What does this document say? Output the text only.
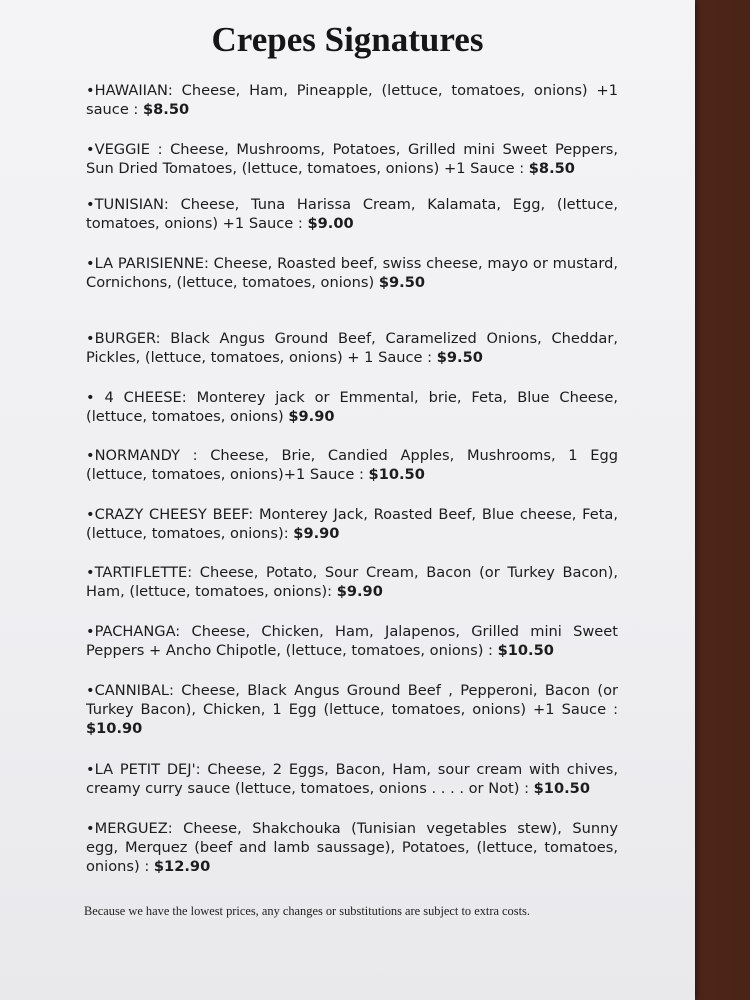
Crepes Signatures

•HAWAIIAN: Cheese, Ham, Pineapple, (lettuce, tomatoes, onions) +1 sauce : $8.50

•VEGGIE : Cheese, Mushrooms, Potatoes, Grilled mini Sweet Peppers, Sun Dried Tomatoes, (lettuce, tomatoes, onions) +1 Sauce : $8.50

•TUNISIAN: Cheese, Tuna Harissa Cream, Kalamata, Egg, (lettuce, tomatoes, onions) +1 Sauce : $9.00

•LA PARISIENNE: Cheese, Roasted beef, swiss cheese, mayo or mustard, Cornichons, (lettuce, tomatoes, onions) $9.50

•BURGER: Black Angus Ground Beef, Caramelized Onions, Cheddar, Pickles, (lettuce, tomatoes, onions) + 1 Sauce : $9.50

• 4 CHEESE: Monterey jack or Emmental, brie, Feta, Blue Cheese, (lettuce, tomatoes, onions) $9.90

•NORMANDY : Cheese, Brie, Candied Apples, Mushrooms, 1 Egg (lettuce, tomatoes, onions)+1 Sauce : $10.50

•CRAZY CHEESY BEEF: Monterey Jack, Roasted Beef, Blue cheese, Feta, (lettuce, tomatoes, onions): $9.90

•TARTIFLETTE: Cheese, Potato, Sour Cream, Bacon (or Turkey Bacon), Ham, (lettuce, tomatoes, onions): $9.90

•PACHANGA: Cheese, Chicken, Ham, Jalapenos, Grilled mini Sweet Peppers + Ancho Chipotle, (lettuce, tomatoes, onions) : $10.50

•CANNIBAL: Cheese, Black Angus Ground Beef , Pepperoni, Bacon (or Turkey Bacon), Chicken, 1 Egg (lettuce, tomatoes, onions) +1 Sauce : $10.90

•LA PETIT DEJ': Cheese, 2 Eggs, Bacon, Ham, sour cream with chives, creamy curry sauce (lettuce, tomatoes, onions . . . . or Not) : $10.50

•MERGUEZ: Cheese, Shakchouka (Tunisian vegetables stew), Sunny egg, Merquez (beef and lamb saussage), Potatoes, (lettuce, tomatoes, onions) : $12.90

Because we have the lowest prices, any changes or substitutions are subject to extra costs.
